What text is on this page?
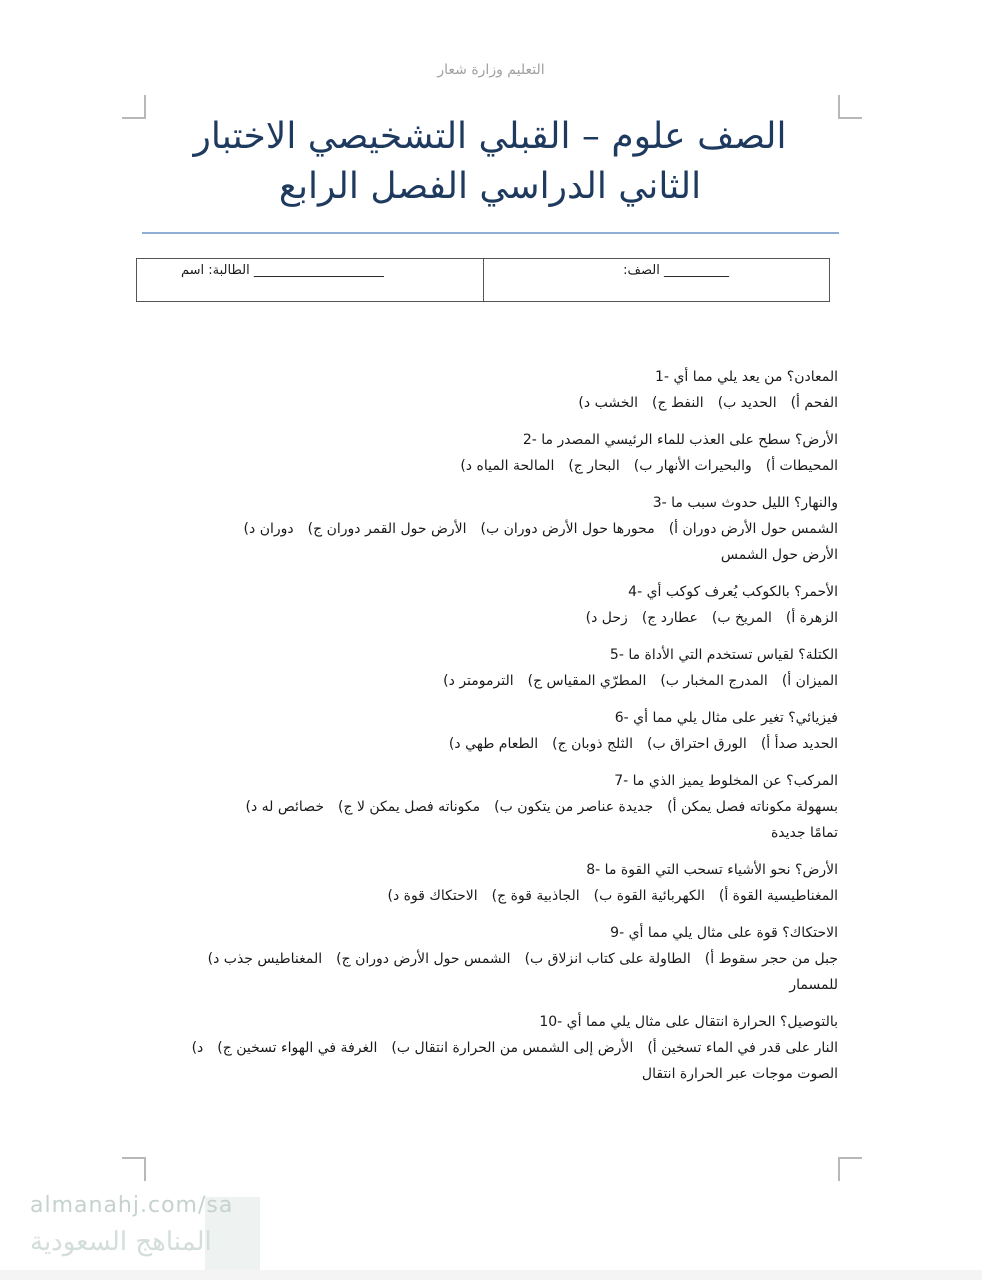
التعليم وزارة شعار
الصف علوم – القبلي التشخيصي الاختبار
الثاني الدراسي الفصل الرابع
____________________ الطالبة: اسم	__________ الصف:
المعادن؟ من يعد يلي مما أي -1
الفحم أ)الحديد ب)النفط ج)الخشب د)
الأرض؟ سطح على العذب للماء الرئيسي المصدر ما -2
المحيطات أ)والبحيرات الأنهار ب)البحار ج)المالحة المياه د)
والنهار؟ الليل حدوث سبب ما -3
الشمس حول الأرض دوران أ)محورها حول الأرض دوران ب)الأرض حول القمر دوران ج)دوران د)
الأرض حول الشمس
الأحمر؟ بالكوكب يُعرف كوكب أي -4
الزهرة أ)المريخ ب)عطارد ج)زحل د)
الكتلة؟ لقياس تستخدم التي الأداة ما -5
الميزان أ)المدرج المخبار ب)المطرّي المقياس ج)الترمومتر د)
فيزيائي؟ تغير على مثال يلي مما أي -6
الحديد صدأ أ)الورق احتراق ب)الثلج ذوبان ج)الطعام طهي د)
المركب؟ عن المخلوط يميز الذي ما -7
بسهولة مكوناته فصل يمكن أ)جديدة عناصر من يتكون ب)مكوناته فصل يمكن لا ج)خصائص له د)
تمامًا جديدة
الأرض؟ نحو الأشياء تسحب التي القوة ما -8
المغناطيسية القوة أ)الكهربائية القوة ب)الجاذبية قوة ج)الاحتكاك قوة د)
الاحتكاك؟ قوة على مثال يلي مما أي -9
جبل من حجر سقوط أ)الطاولة على كتاب انزلاق ب)الشمس حول الأرض دوران ج)المغناطيس جذب د)
للمسمار
بالتوصيل؟ الحرارة انتقال على مثال يلي مما أي -10
النار على قدر في الماء تسخين أ)الأرض إلى الشمس من الحرارة انتقال ب)الغرفة في الهواء تسخين ج)د)
الصوت موجات عبر الحرارة انتقال
almanahj.com/sa
المناهج السعودية
